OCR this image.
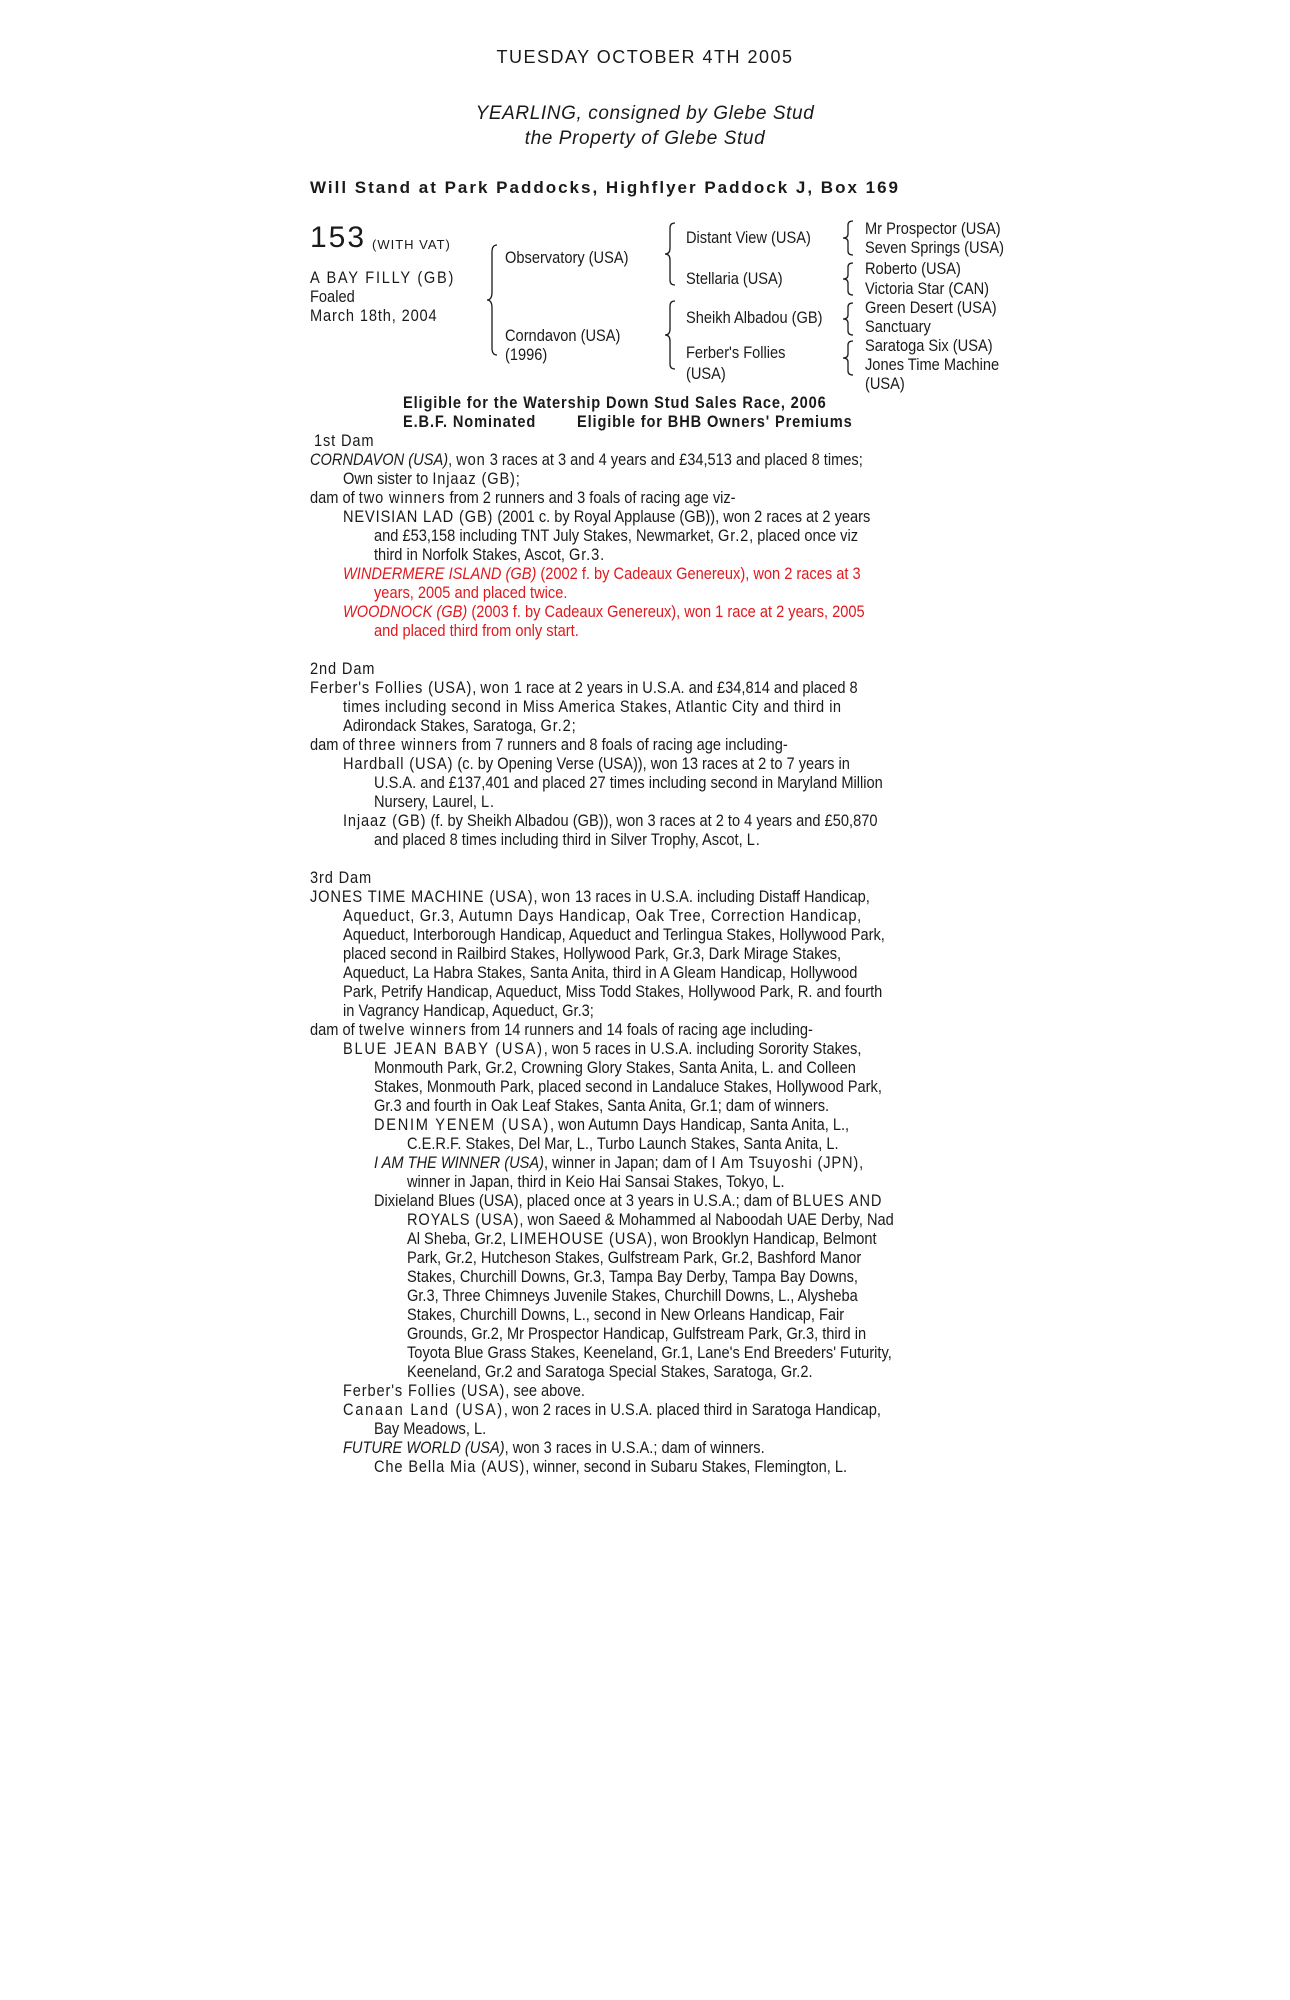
TUESDAY OCTOBER 4TH 2005
YEARLING, consigned by Glebe Stud
the Property of Glebe Stud
Will Stand at Park Paddocks, Highflyer Paddock J, Box 169
153 (WITH VAT)
A BAY FILLY (GB)
Foaled
March 18th, 2004
Observatory (USA)
Corndavon (USA)
(1996)
Distant View (USA)
Stellaria (USA)
Sheikh Albadou (GB)
Ferber's Follies
(USA)
Mr Prospector (USA)
Seven Springs (USA)
Roberto (USA)
Victoria Star (CAN)
Green Desert (USA)
Sanctuary
Saratoga Six (USA)
Jones Time Machine
(USA)
Eligible for the Watership Down Stud Sales Race, 2006
E.B.F. Nominated Eligible for BHB Owners' Premiums
1st Dam
CORNDAVON (USA), won 3 races at 3 and 4 years and £34,513 and placed 8 times;
Own sister to Injaaz (GB);
dam of two winners from 2 runners and 3 foals of racing age viz-
NEVISIAN LAD (GB) (2001 c. by Royal Applause (GB)), won 2 races at 2 years
and £53,158 including TNT July Stakes, Newmarket, Gr.2, placed once viz
third in Norfolk Stakes, Ascot, Gr.3.
WINDERMERE ISLAND (GB) (2002 f. by Cadeaux Genereux), won 2 races at 3
years, 2005 and placed twice.
WOODNOCK (GB) (2003 f. by Cadeaux Genereux), won 1 race at 2 years, 2005
and placed third from only start.
2nd Dam
Ferber's Follies (USA), won 1 race at 2 years in U.S.A. and £34,814 and placed 8
times including second in Miss America Stakes, Atlantic City and third in
Adirondack Stakes, Saratoga, Gr.2;
dam of three winners from 7 runners and 8 foals of racing age including-
Hardball (USA) (c. by Opening Verse (USA)), won 13 races at 2 to 7 years in
U.S.A. and £137,401 and placed 27 times including second in Maryland Million
Nursery, Laurel, L.
Injaaz (GB) (f. by Sheikh Albadou (GB)), won 3 races at 2 to 4 years and £50,870
and placed 8 times including third in Silver Trophy, Ascot, L.
3rd Dam
JONES TIME MACHINE (USA), won 13 races in U.S.A. including Distaff Handicap,
Aqueduct, Gr.3, Autumn Days Handicap, Oak Tree, Correction Handicap,
Aqueduct, Interborough Handicap, Aqueduct and Terlingua Stakes, Hollywood Park,
placed second in Railbird Stakes, Hollywood Park, Gr.3, Dark Mirage Stakes,
Aqueduct, La Habra Stakes, Santa Anita, third in A Gleam Handicap, Hollywood
Park, Petrify Handicap, Aqueduct, Miss Todd Stakes, Hollywood Park, R. and fourth
in Vagrancy Handicap, Aqueduct, Gr.3;
dam of twelve winners from 14 runners and 14 foals of racing age including-
BLUE JEAN BABY (USA), won 5 races in U.S.A. including Sorority Stakes,
Monmouth Park, Gr.2, Crowning Glory Stakes, Santa Anita, L. and Colleen
Stakes, Monmouth Park, placed second in Landaluce Stakes, Hollywood Park,
Gr.3 and fourth in Oak Leaf Stakes, Santa Anita, Gr.1; dam of winners.
DENIM YENEM (USA), won Autumn Days Handicap, Santa Anita, L.,
C.E.R.F. Stakes, Del Mar, L., Turbo Launch Stakes, Santa Anita, L.
I AM THE WINNER (USA), winner in Japan; dam of I Am Tsuyoshi (JPN),
winner in Japan, third in Keio Hai Sansai Stakes, Tokyo, L.
Dixieland Blues (USA), placed once at 3 years in U.S.A.; dam of BLUES AND
ROYALS (USA), won Saeed & Mohammed al Naboodah UAE Derby, Nad
Al Sheba, Gr.2, LIMEHOUSE (USA), won Brooklyn Handicap, Belmont
Park, Gr.2, Hutcheson Stakes, Gulfstream Park, Gr.2, Bashford Manor
Stakes, Churchill Downs, Gr.3, Tampa Bay Derby, Tampa Bay Downs,
Gr.3, Three Chimneys Juvenile Stakes, Churchill Downs, L., Alysheba
Stakes, Churchill Downs, L., second in New Orleans Handicap, Fair
Grounds, Gr.2, Mr Prospector Handicap, Gulfstream Park, Gr.3, third in
Toyota Blue Grass Stakes, Keeneland, Gr.1, Lane's End Breeders' Futurity,
Keeneland, Gr.2 and Saratoga Special Stakes, Saratoga, Gr.2.
Ferber's Follies (USA), see above.
Canaan Land (USA), won 2 races in U.S.A. placed third in Saratoga Handicap,
Bay Meadows, L.
FUTURE WORLD (USA), won 3 races in U.S.A.; dam of winners.
Che Bella Mia (AUS), winner, second in Subaru Stakes, Flemington, L.
